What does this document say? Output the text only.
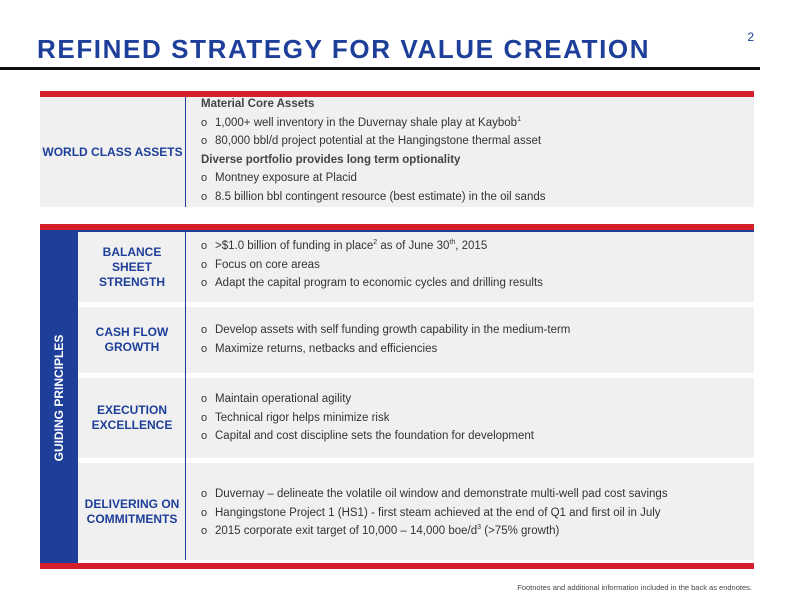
2
REFINED STRATEGY FOR VALUE CREATION
WORLD CLASS ASSETS
Material Core Assets
o 1,000+ well inventory in the Duvernay shale play at Kaybob$^1$
o 80,000 bbl/d project potential at the Hangingstone thermal asset
Diverse portfolio provides long term optionality
o Montney exposure at Placid
o 8.5 billion bbl contingent resource (best estimate) in the oil sands
GUIDING PRINCIPLES
BALANCE SHEET STRENGTH
o >$1.0 billion of funding in place$^2$ as of June 30th, 2015
o Focus on core areas
o Adapt the capital program to economic cycles and drilling results
CASH FLOW GROWTH
o Develop assets with self funding growth capability in the medium-term
o Maximize returns, netbacks and efficiencies
EXECUTION EXCELLENCE
o Maintain operational agility
o Technical rigor helps minimize risk
o Capital and cost discipline sets the foundation for development
DELIVERING ON COMMITMENTS
o Duvernay – delineate the volatile oil window and demonstrate multi-well pad cost savings
o Hangingstone Project 1 (HS1) - first steam achieved at the end of Q1 and first oil in July
o 2015 corporate exit target of 10,000 – 14,000 boe/$d^3$ (>75% growth)
Footnotes and additional information included in the back as endnotes.
